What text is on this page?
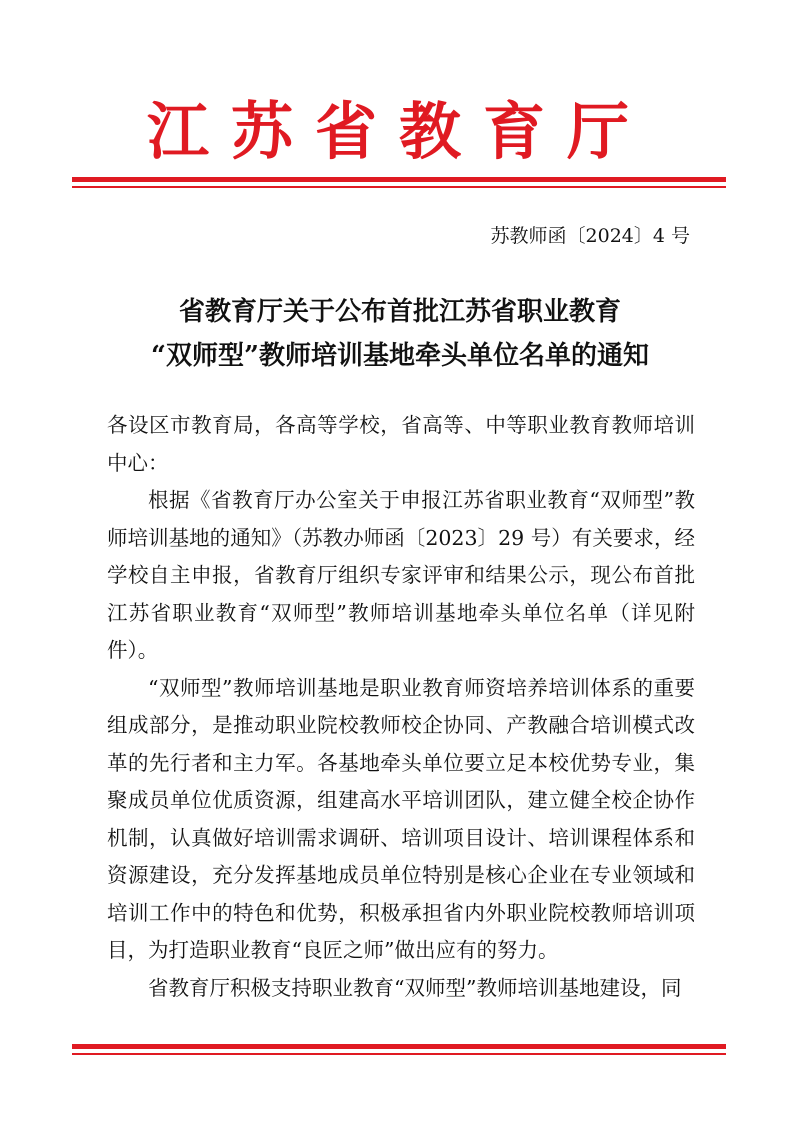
江苏省教育厅
苏教师函〔2024〕4 号
省教育厅关于公布首批江苏省职业教育
“双师型”教师培训基地牵头单位名单的通知

各设区市教育局，各高等学校，省高等、中等职业教育教师培训中心：

根据《省教育厅办公室关于申报江苏省职业教育“双师型”教师培训基地的通知》（苏教办师函〔2023〕29 号）有关要求，经学校自主申报，省教育厅组织专家评审和结果公示，现公布首批江苏省职业教育“双师型”教师培训基地牵头单位名单（详见附件）。

“双师型”教师培训基地是职业教育师资培养培训体系的重要组成部分，是推动职业院校教师校企协同、产教融合培训模式改革的先行者和主力军。各基地牵头单位要立足本校优势专业，集聚成员单位优质资源，组建高水平培训团队，建立健全校企协作机制，认真做好培训需求调研、培训项目设计、培训课程体系和资源建设，充分发挥基地成员单位特别是核心企业在专业领域和培训工作中的特色和优势，积极承担省内外职业院校教师培训项目，为打造职业教育“良匠之师”做出应有的努力。

省教育厅积极支持职业教育“双师型”教师培训基地建设，同
